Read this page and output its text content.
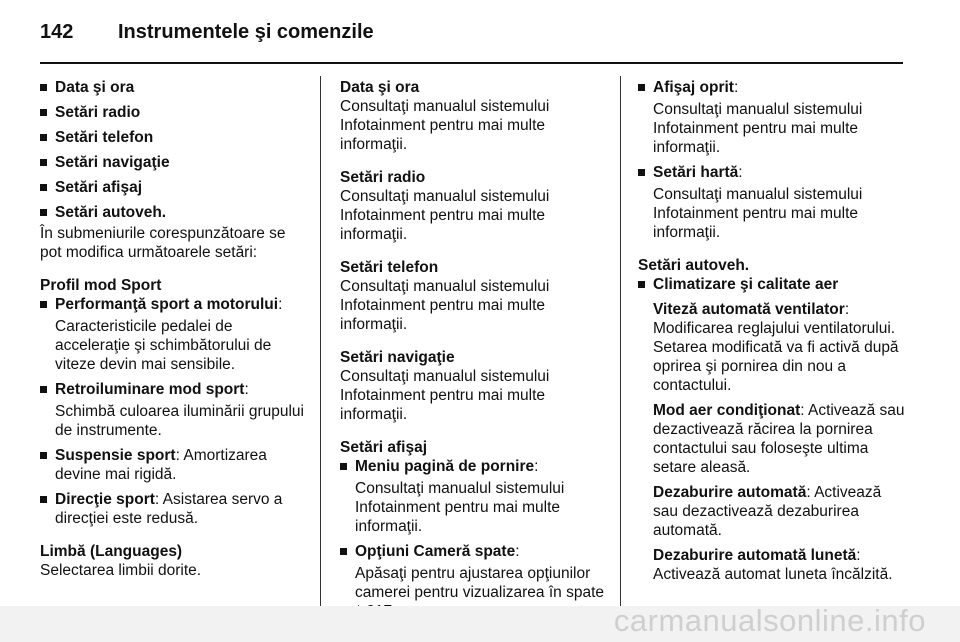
142	Instrumentele şi comenzile
Data şi ora
Setări radio
Setări telefon
Setări navigaţie
Setări afişaj
Setări autoveh.
În submeniurile corespunzătoare se pot modifica următoarele setări:
Profil mod Sport
Performanţă sport a motorului:
Caracteristicile pedalei de acceleraţie şi schimbătorului de viteze devin mai sensibile.
Retroiluminare mod sport:
Schimbă culoarea iluminării grupului de instrumente.
Suspensie sport: Amortizarea devine mai rigidă.
Direcţie sport: Asistarea servo a direcţiei este redusă.
Limbă (Languages)
Selectarea limbii dorite.
Data şi ora
Consultaţi manualul sistemului Infotainment pentru mai multe informaţii.
Setări radio
Consultaţi manualul sistemului Infotainment pentru mai multe informaţii.
Setări telefon
Consultaţi manualul sistemului Infotainment pentru mai multe informaţii.
Setări navigaţie
Consultaţi manualul sistemului Infotainment pentru mai multe informaţii.
Setări afişaj
Meniu pagină de pornire:
Consultaţi manualul sistemului Infotainment pentru mai multe informaţii.
Opţiuni Cameră spate:
Apăsaţi pentru ajustarea opţiunilor camerei pentru vizualizarea în spate
Afişaj oprit:
Consultaţi manualul sistemului Infotainment pentru mai multe informaţii.
Setări hartă:
Consultaţi manualul sistemului Infotainment pentru mai multe informaţii.
Setări autoveh.
Climatizare şi calitate aer
Viteză automată ventilator:
Modificarea reglajului ventilatorului. Setarea modificată va fi activă după oprirea şi pornirea din nou a contactului.
Mod aer condiţionat: Activează sau dezactivează răcirea la pornirea contactului sau foloseşte ultima setare aleasă.
Dezaburire automată: Activează sau dezactivează dezaburirea automată.
Dezaburire automată lunetă:
Activează automat luneta încălzită.
carmanualsonline.info
